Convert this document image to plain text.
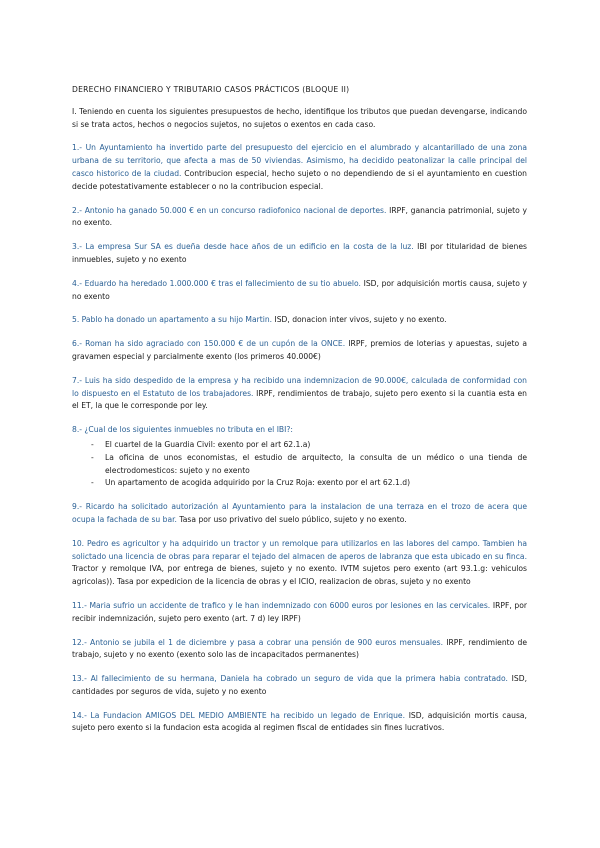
DERECHO FINANCIERO Y TRIBUTARIO CASOS PRÁCTICOS (BLOQUE II)

I. Teniendo en cuenta los siguientes presupuestos de hecho, identifique los tributos que puedan devengarse, indicando si se trata actos, hechos o negocios sujetos, no sujetos o exentos en cada caso.

1.- Un Ayuntamiento ha invertido parte del presupuesto del ejercicio en el alumbrado y alcantarillado de una zona urbana de su territorio, que afecta a mas de 50 viviendas. Asimismo, ha decidido peatonalizar la calle principal del casco historico de la ciudad. Contribucion especial, hecho sujeto o no dependiendo de si el ayuntamiento en cuestion decide potestativamente establecer o no la contribucion especial.
2.- Antonio ha ganado 50.000 € en un concurso radiofonico nacional de deportes. IRPF, ganancia patrimonial, sujeto y no exento.
3.- La empresa Sur SA es dueña desde hace años de un edificio en la costa de la luz. IBI por titularidad de bienes inmuebles, sujeto y no exento
4.- Eduardo ha heredado 1.000.000 € tras el fallecimiento de su tio abuelo. ISD, por adquisición mortis causa, sujeto y no exento
5. Pablo ha donado un apartamento a su hijo Martin. ISD, donacion inter vivos, sujeto y no exento.
6.- Roman ha sido agraciado con 150.000 € de un cupón de la ONCE. IRPF, premios de loterias y apuestas, sujeto a gravamen especial y parcialmente exento (los primeros 40.000€)
7.- Luis ha sido despedido de la empresa y ha recibido una indemnizacion de 90.000€, calculada de conformidad con lo dispuesto en el Estatuto de los trabajadores. IRPF, rendimientos de trabajo, sujeto pero exento si la cuantia esta en el ET, la que le corresponde por ley.
8.- ¿Cual de los siguientes inmuebles no tributa en el IBI?:
- El cuartel de la Guardia Civil: exento por el art 62.1.a)
- La oficina de unos economistas, el estudio de arquitecto, la consulta de un médico o una tienda de electrodomesticos: sujeto y no exento
- Un apartamento de acogida adquirido por la Cruz Roja: exento por el art 62.1.d)
9.- Ricardo ha solicitado autorización al Ayuntamiento para la instalacion de una terraza en el trozo de acera que ocupa la fachada de su bar. Tasa por uso privativo del suelo público, sujeto y no exento.
10. Pedro es agricultor y ha adquirido un tractor y un remolque para utilizarlos en las labores del campo. Tambien ha solictado una licencia de obras para reparar el tejado del almacen de aperos de labranza que esta ubicado en su finca. Tractor y remolque IVA, por entrega de bienes, sujeto y no exento. IVTM sujetos pero exento (art 93.1.g: vehiculos agricolas)). Tasa por expedicion de la licencia de obras y el ICIO, realizacion de obras, sujeto y no exento
11.- Maria sufrio un accidente de trafico y le han indemnizado con 6000 euros por lesiones en las cervicales. IRPF, por recibir indemnización, sujeto pero exento (art. 7 d) ley IRPF)
12.- Antonio se jubila el 1 de diciembre y pasa a cobrar una pensión de 900 euros mensuales. IRPF, rendimiento de trabajo, sujeto y no exento (exento solo las de incapacitados permanentes)
13.- Al fallecimiento de su hermana, Daniela ha cobrado un seguro de vida que la primera habia contratado. ISD, cantidades por seguros de vida, sujeto y no exento
14.- La Fundacion AMIGOS DEL MEDIO AMBIENTE ha recibido un legado de Enrique. ISD, adquisición mortis causa, sujeto pero exento si la fundacion esta acogida al regimen fiscal de entidades sin fines lucrativos.
